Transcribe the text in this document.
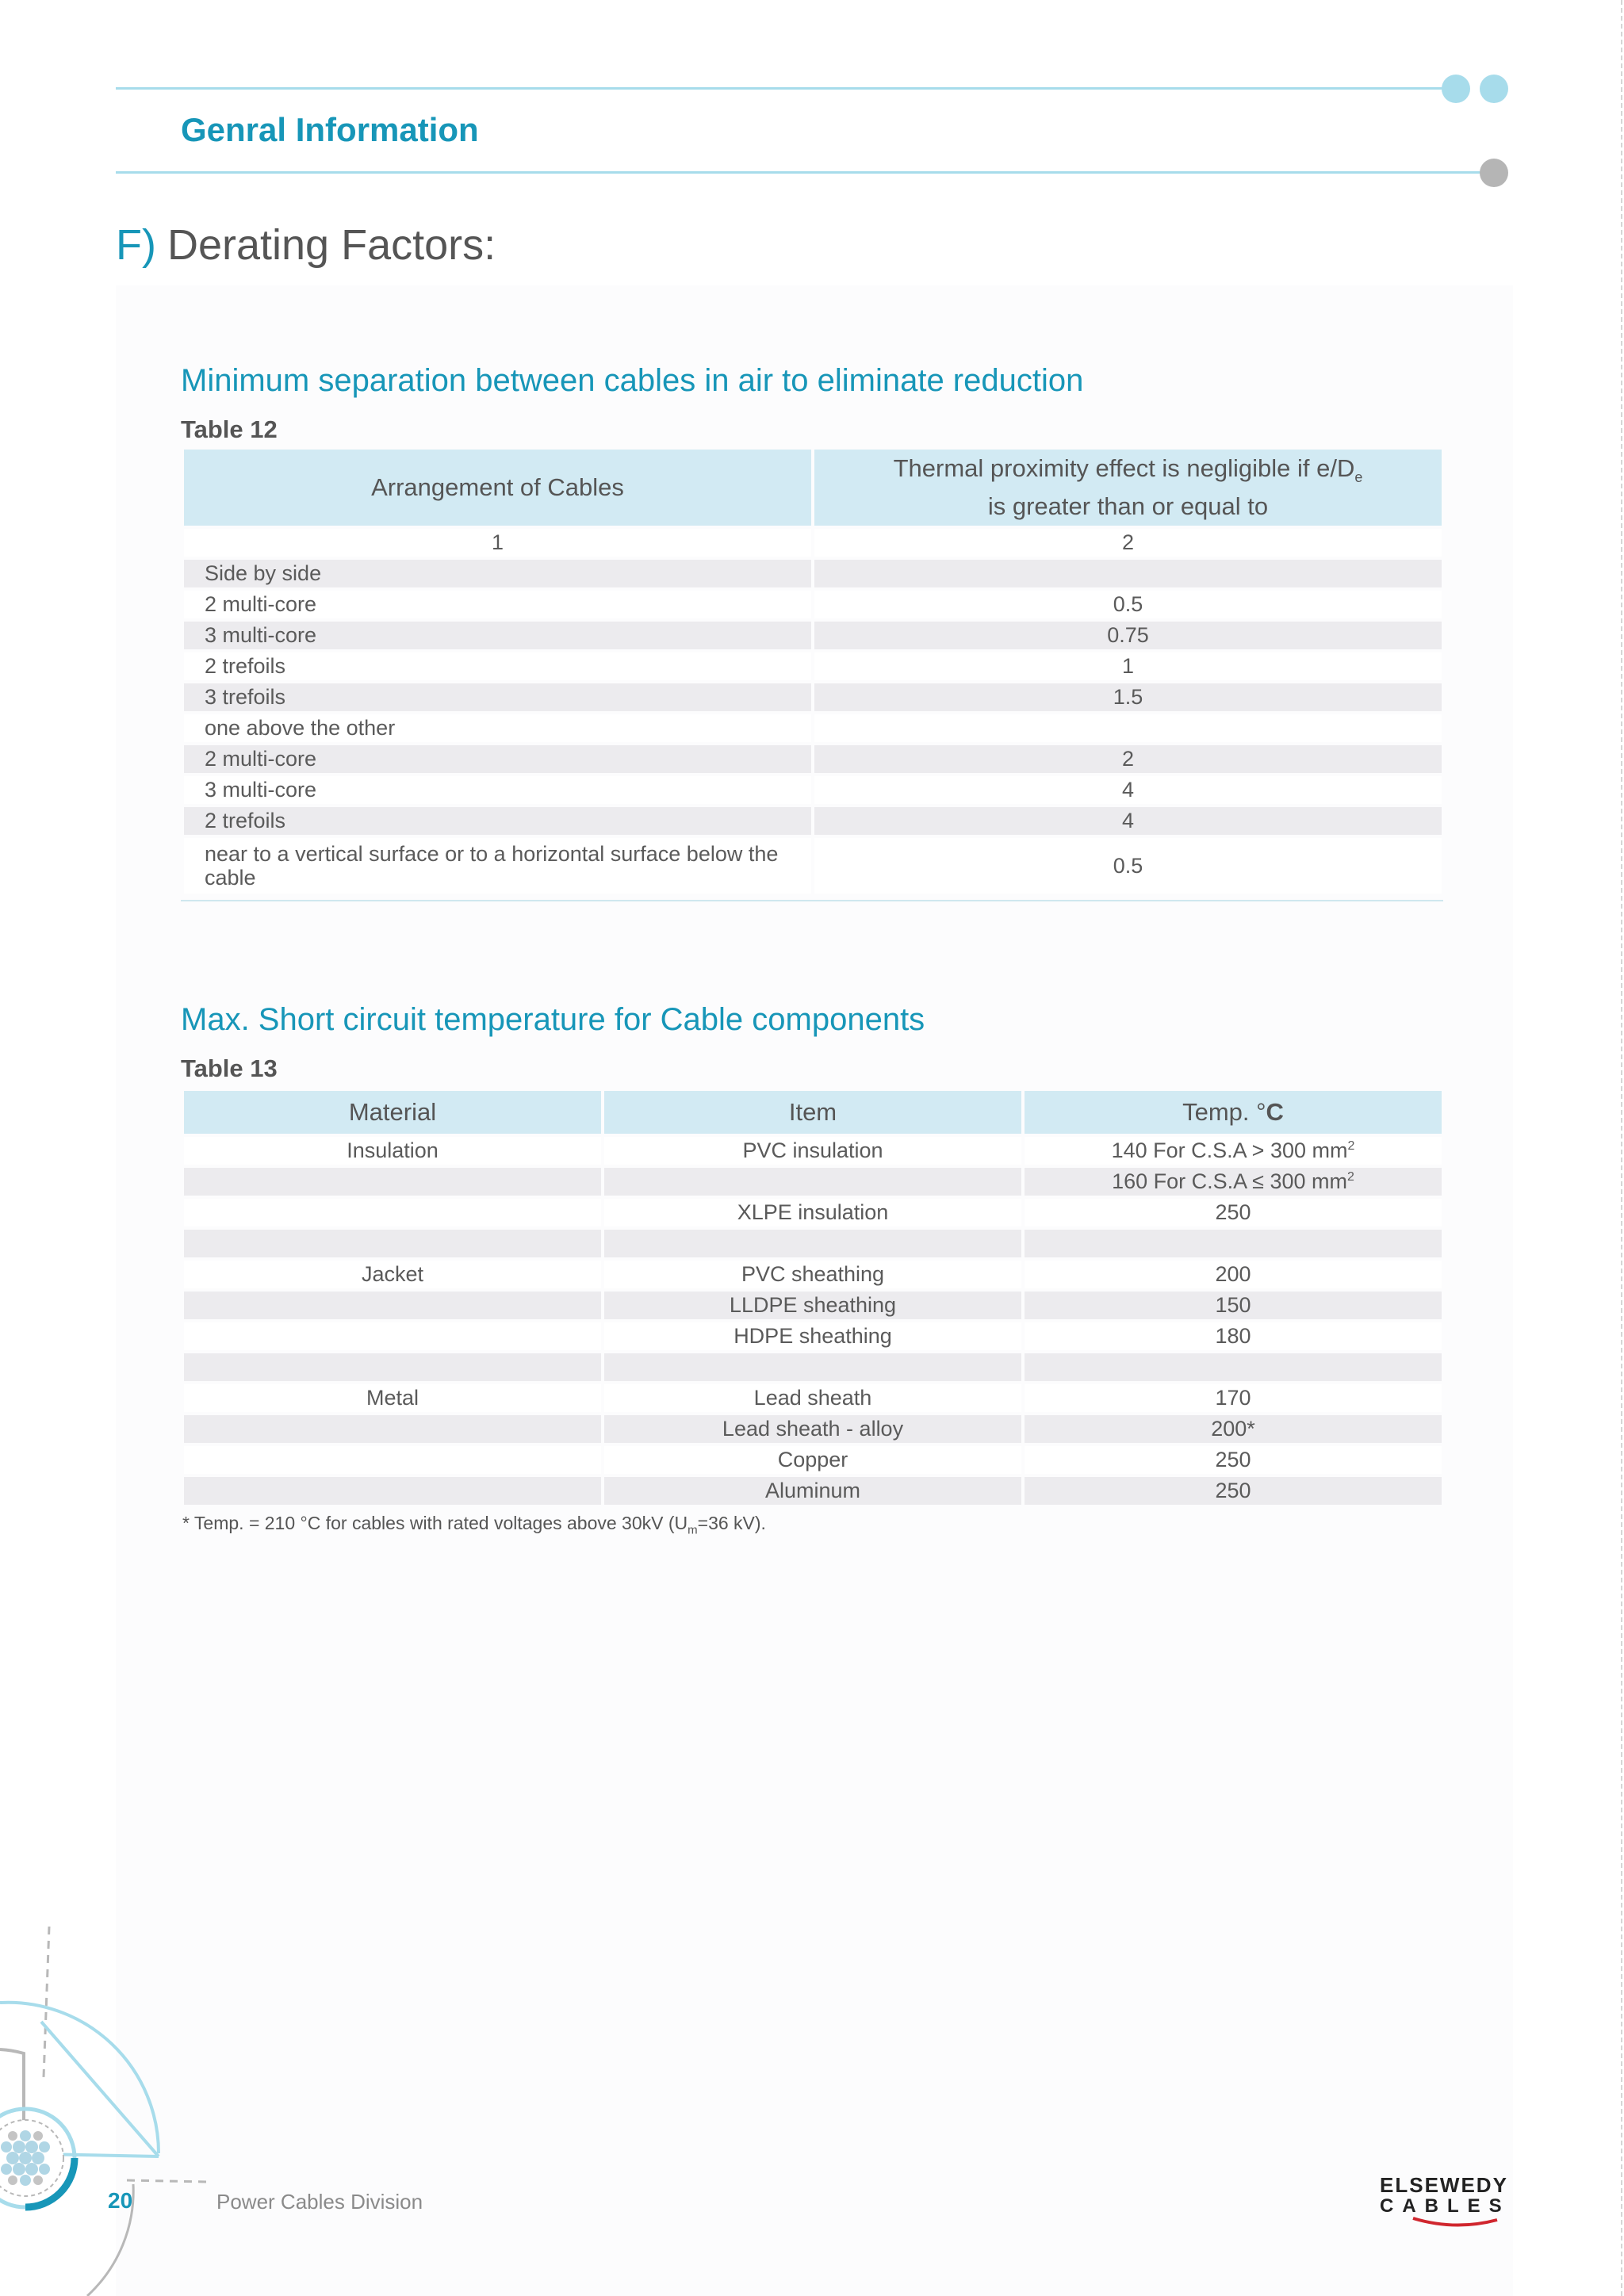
Genral Information
F) Derating Factors:
Minimum separation between cables in air to eliminate reduction
Table 12
Arrangement of Cables	Thermal proximity effect is negligible if $e/D_e$
is greater than or equal to
1	2
Side by side	
2 multi-core	0.5
3 multi-core	0.75
2 trefoils	1
3 trefoils	1.5
one above the other	
2 multi-core	2
3 multi-core	4
2 trefoils	4
near to a vertical surface or to a horizontal surface below the cable	0.5
Max. Short circuit temperature for Cable components
Table 13
Material	Item	Temp. °C
Insulation	PVC insulation	140 For C.S.A > 300 $mm^2$
		160 For C.S.A ≤ 300 $mm^2$
	XLPE insulation	250

Jacket	PVC sheathing	200
	LLDPE sheathing	150
	HDPE sheathing	180

Metal	Lead sheath	170
	Lead sheath - alloy	200*
	Copper	250
	Aluminum	250
* Temp. = 210 °C for cables with rated voltages above 30kV ($U_m=36$ kV).
20	Power Cables Division
ELSEWEDY
CABLES
